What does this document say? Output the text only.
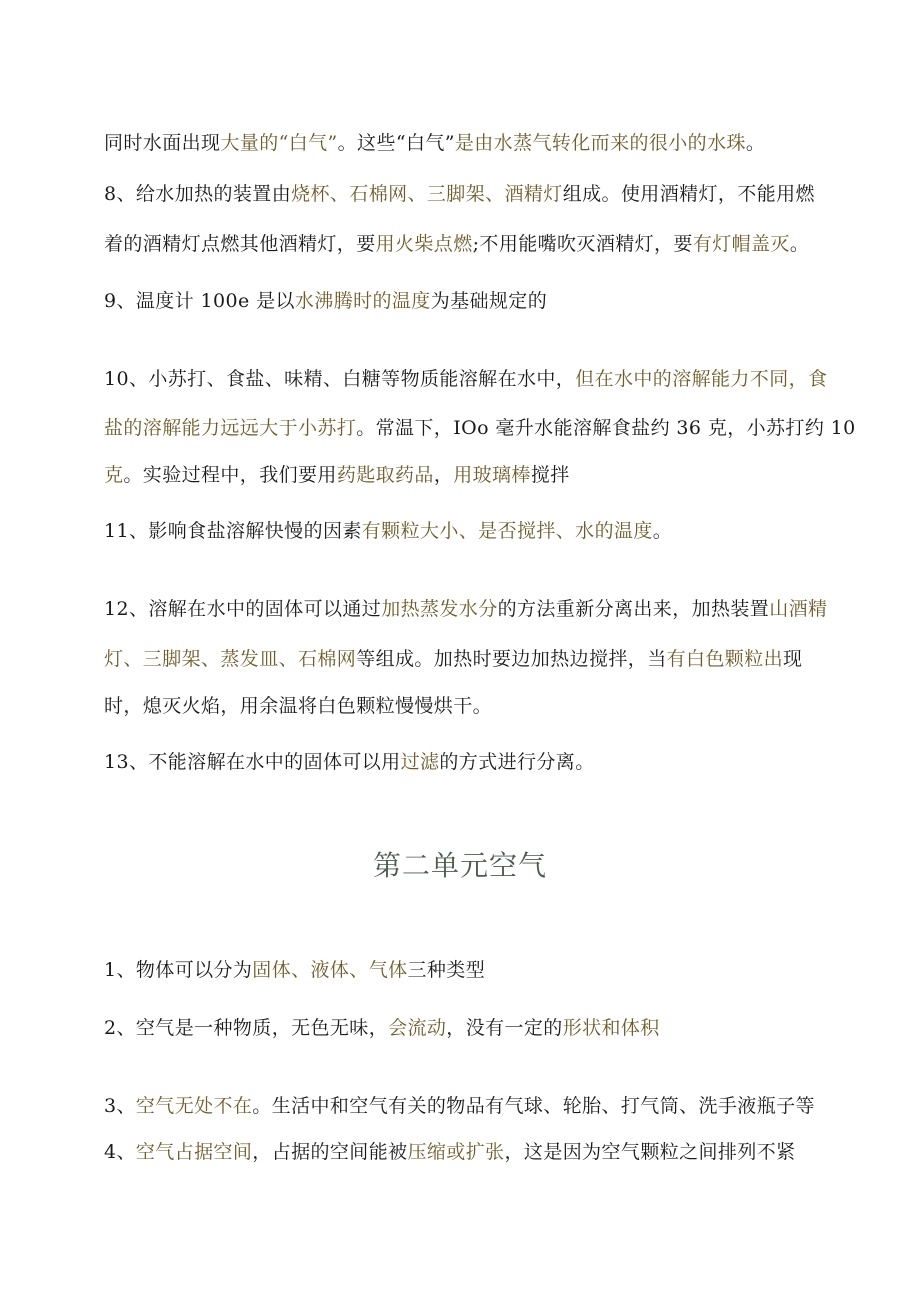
同时水面出现大量的“白气”。这些“白气”是由水蒸气转化而来的很小的水珠。
8、给水加热的装置由烧杯、石棉网、三脚架、酒精灯组成。使用酒精灯，不能用燃
着的酒精灯点燃其他酒精灯，要用火柴点燃;不用能嘴吹灭酒精灯，要有灯帽盖灭。
9、温度计 100e 是以水沸腾时的温度为基础规定的
10、小苏打、食盐、味精、白糖等物质能溶解在水中，但在水中的溶解能力不同，食
盐的溶解能力远远大于小苏打。常温下，IOo 毫升水能溶解食盐约 36 克，小苏打约 10
克。实验过程中，我们要用药匙取药品，用玻璃棒搅拌
11、影响食盐溶解快慢的因素有颗粒大小、是否搅拌、水的温度。
12、溶解在水中的固体可以通过加热蒸发水分的方法重新分离出来，加热装置山酒精
灯、三脚架、蒸发皿、石棉网等组成。加热时要边加热边搅拌，当有白色颗粒出现
时，熄灭火焰，用余温将白色颗粒慢慢烘干。
13、不能溶解在水中的固体可以用过滤的方式进行分离。
1、物体可以分为固体、液体、气体三种类型
2、空气是一种物质，无色无味，会流动，没有一定的形状和体积
3、空气无处不在。生活中和空气有关的物品有气球、轮胎、打气筒、洗手液瓶子等
4、空气占据空间，占据的空间能被压缩或扩张，这是因为空气颗粒之间排列不紧
第二单元空气
